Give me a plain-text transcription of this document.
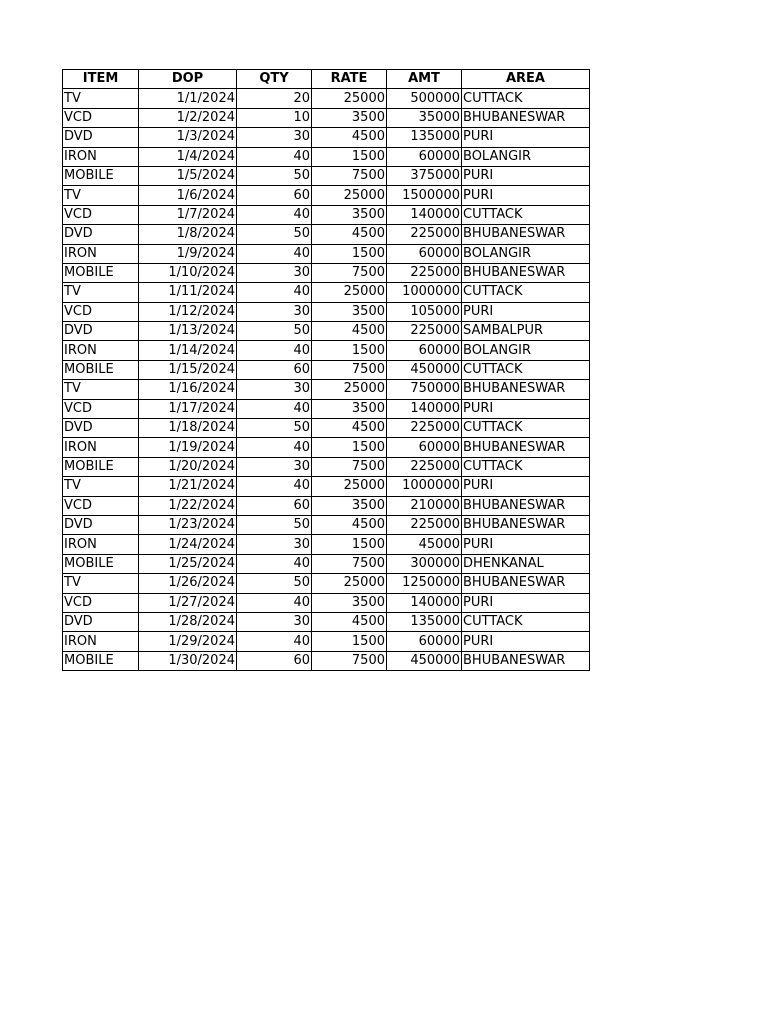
ITEM	DOP	QTY	RATE	AMT	AREA
TV	1/1/2024	20	25000	500000	CUTTACK
VCD	1/2/2024	10	3500	35000	BHUBANESWAR
DVD	1/3/2024	30	4500	135000	PURI
IRON	1/4/2024	40	1500	60000	BOLANGIR
MOBILE	1/5/2024	50	7500	375000	PURI
TV	1/6/2024	60	25000	1500000	PURI
VCD	1/7/2024	40	3500	140000	CUTTACK
DVD	1/8/2024	50	4500	225000	BHUBANESWAR
IRON	1/9/2024	40	1500	60000	BOLANGIR
MOBILE	1/10/2024	30	7500	225000	BHUBANESWAR
TV	1/11/2024	40	25000	1000000	CUTTACK
VCD	1/12/2024	30	3500	105000	PURI
DVD	1/13/2024	50	4500	225000	SAMBALPUR
IRON	1/14/2024	40	1500	60000	BOLANGIR
MOBILE	1/15/2024	60	7500	450000	CUTTACK
TV	1/16/2024	30	25000	750000	BHUBANESWAR
VCD	1/17/2024	40	3500	140000	PURI
DVD	1/18/2024	50	4500	225000	CUTTACK
IRON	1/19/2024	40	1500	60000	BHUBANESWAR
MOBILE	1/20/2024	30	7500	225000	CUTTACK
TV	1/21/2024	40	25000	1000000	PURI
VCD	1/22/2024	60	3500	210000	BHUBANESWAR
DVD	1/23/2024	50	4500	225000	BHUBANESWAR
IRON	1/24/2024	30	1500	45000	PURI
MOBILE	1/25/2024	40	7500	300000	DHENKANAL
TV	1/26/2024	50	25000	1250000	BHUBANESWAR
VCD	1/27/2024	40	3500	140000	PURI
DVD	1/28/2024	30	4500	135000	CUTTACK
IRON	1/29/2024	40	1500	60000	PURI
MOBILE	1/30/2024	60	7500	450000	BHUBANESWAR
